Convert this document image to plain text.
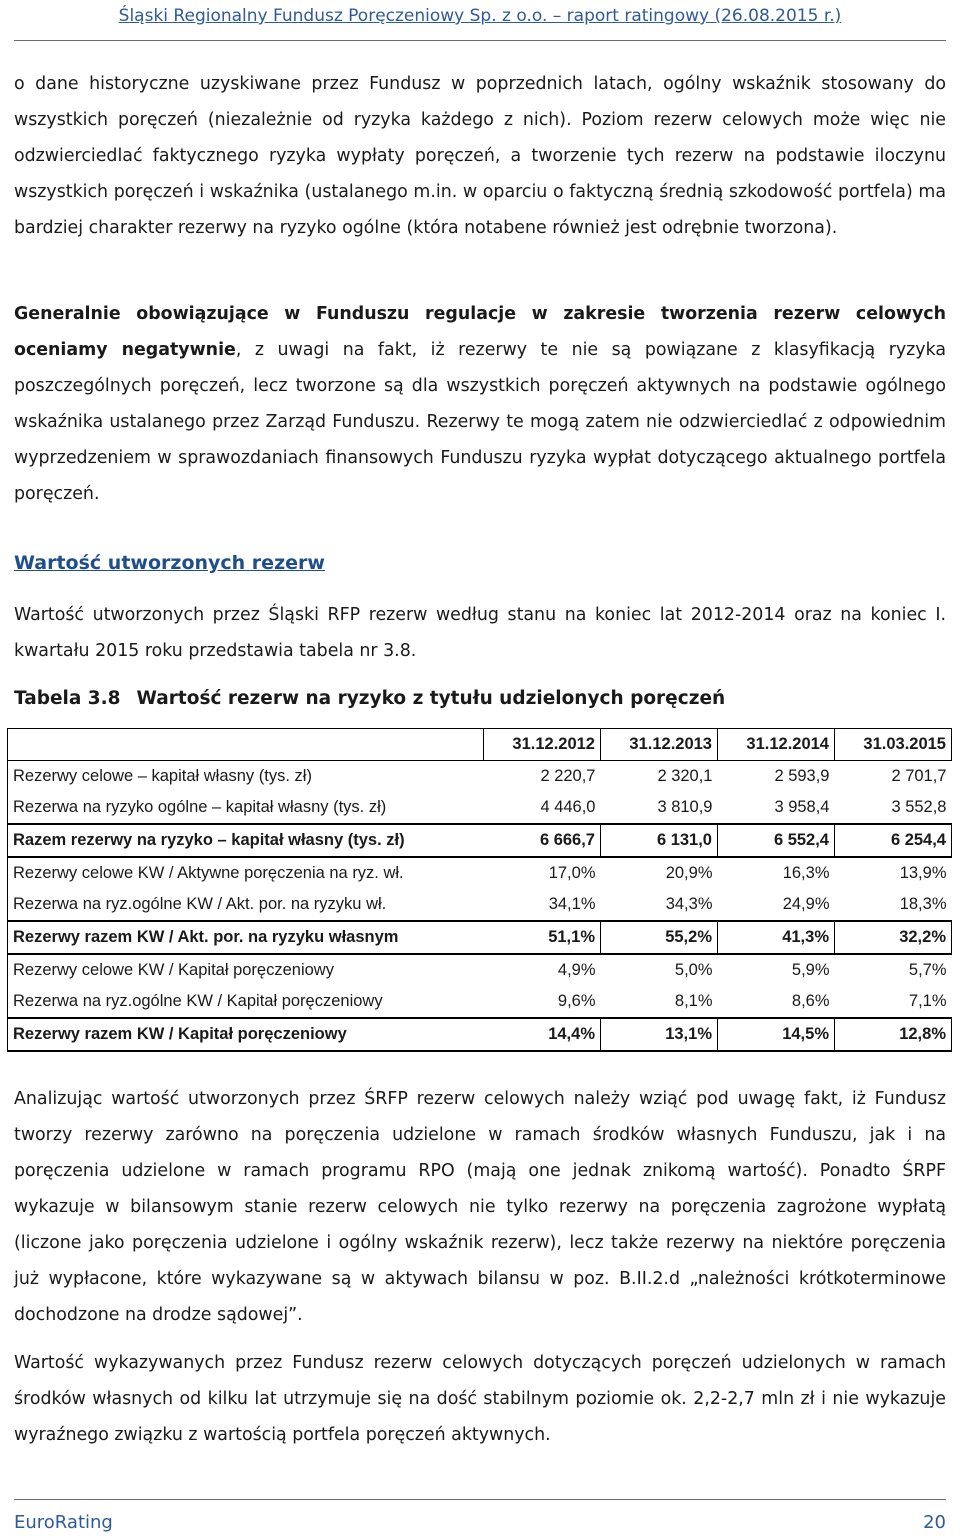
Śląski Regionalny Fundusz Poręczeniowy Sp. z o.o. – raport ratingowy (26.08.2015 r.)

o dane historyczne uzyskiwane przez Fundusz w poprzednich latach, ogólny wskaźnik stosowany do wszystkich poręczeń (niezależnie od ryzyka każdego z nich). Poziom rezerw celowych może więc nie odzwierciedlać faktycznego ryzyka wypłaty poręczeń, a tworzenie tych rezerw na podstawie iloczynu wszystkich poręczeń i wskaźnika (ustalanego m.in. w oparciu o faktyczną średnią szkodowość portfela) ma bardziej charakter rezerwy na ryzyko ogólne (która notabene również jest odrębnie tworzona).

Generalnie obowiązujące w Funduszu regulacje w zakresie tworzenia rezerw celowych oceniamy negatywnie, z uwagi na fakt, iż rezerwy te nie są powiązane z klasyfikacją ryzyka poszczególnych poręczeń, lecz tworzone są dla wszystkich poręczeń aktywnych na podstawie ogólnego wskaźnika ustalanego przez Zarząd Funduszu. Rezerwy te mogą zatem nie odzwierciedlać z odpowiednim wyprzedzeniem w sprawozdaniach finansowych Funduszu ryzyka wypłat dotyczącego aktualnego portfela poręczeń.

Wartość utworzonych rezerw

Wartość utworzonych przez Śląski RFP rezerw według stanu na koniec lat 2012-2014 oraz na koniec I. kwartału 2015 roku przedstawia tabela nr 3.8.

Tabela 3.8 Wartość rezerw na ryzyko z tytułu udzielonych poręczeń

	31.12.2012	31.12.2013	31.12.2014	31.03.2015
Rezerwy celowe – kapitał własny (tys. zł)	2 220,7	2 320,1	2 593,9	2 701,7
Rezerwa na ryzyko ogólne – kapitał własny (tys. zł)	4 446,0	3 810,9	3 958,4	3 552,8
Razem rezerwy na ryzyko – kapitał własny (tys. zł)	6 666,7	6 131,0	6 552,4	6 254,4
Rezerwy celowe KW / Aktywne poręczenia na ryz. wł.	17,0%	20,9%	16,3%	13,9%
Rezerwa na ryz.ogólne KW / Akt. por. na ryzyku wł.	34,1%	34,3%	24,9%	18,3%
Rezerwy razem KW / Akt. por. na ryzyku własnym	51,1%	55,2%	41,3%	32,2%
Rezerwy celowe KW / Kapitał poręczeniowy	4,9%	5,0%	5,9%	5,7%
Rezerwa na ryz.ogólne KW / Kapitał poręczeniowy	9,6%	8,1%	8,6%	7,1%
Rezerwy razem KW / Kapitał poręczeniowy	14,4%	13,1%	14,5%	12,8%

Analizując wartość utworzonych przez ŚRFP rezerw celowych należy wziąć pod uwagę fakt, iż Fundusz tworzy rezerwy zarówno na poręczenia udzielone w ramach środków własnych Funduszu, jak i na poręczenia udzielone w ramach programu RPO (mają one jednak znikomą wartość). Ponadto ŚRPF wykazuje w bilansowym stanie rezerw celowych nie tylko rezerwy na poręczenia zagrożone wypłatą (liczone jako poręczenia udzielone i ogólny wskaźnik rezerw), lecz także rezerwy na niektóre poręczenia już wypłacone, które wykazywane są w aktywach bilansu w poz. B.II.2.d „należności krótkoterminowe dochodzone na drodze sądowej”.

Wartość wykazywanych przez Fundusz rezerw celowych dotyczących poręczeń udzielonych w ramach środków własnych od kilku lat utrzymuje się na dość stabilnym poziomie ok. 2,2-2,7 mln zł i nie wykazuje wyraźnego związku z wartością portfela poręczeń aktywnych.

EuroRating	20
